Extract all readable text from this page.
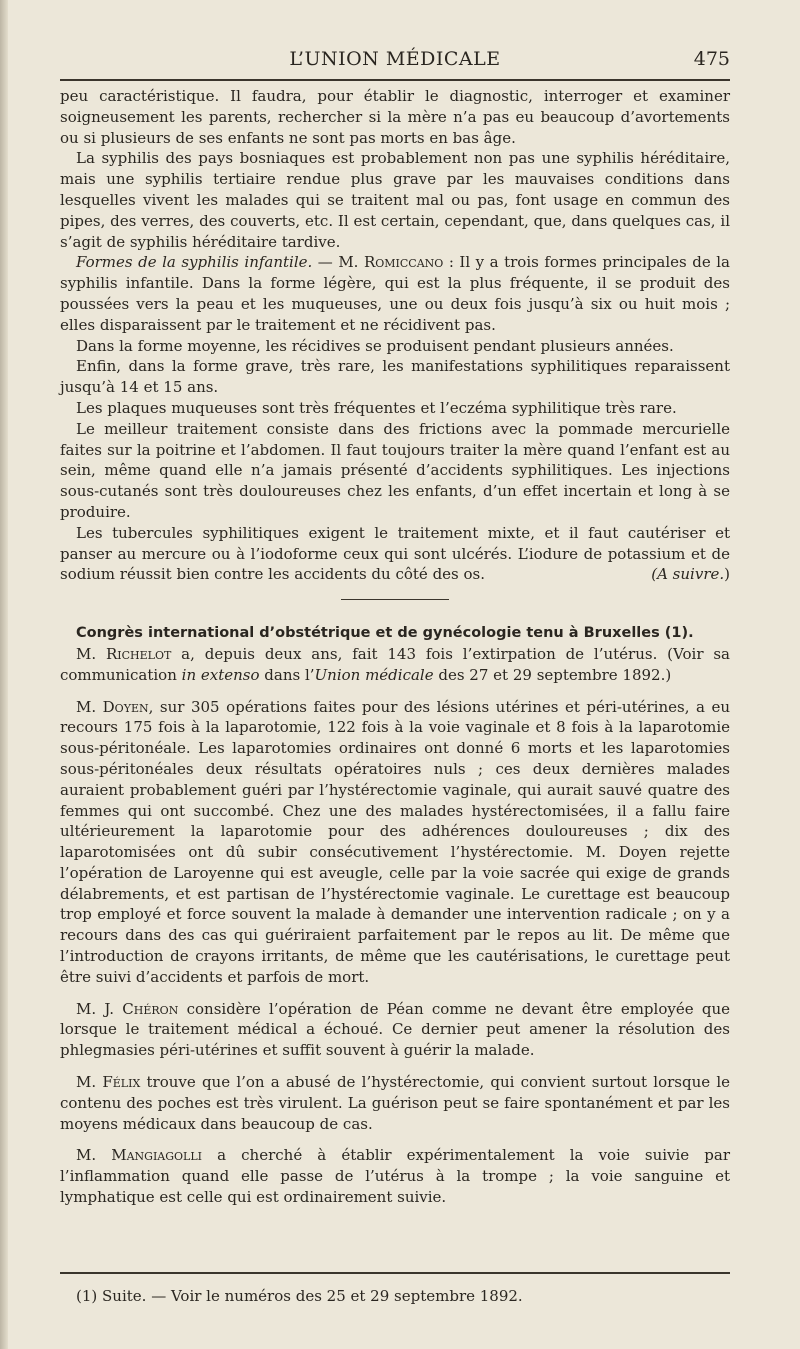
L’UNION MÉDICALE	475

peu caractéristique. Il faudra, pour établir le diagnostic, interroger et examiner soigneusement les parents, rechercher si la mère n’a pas eu beaucoup d’avortements ou si plusieurs de ses enfants ne sont pas morts en bas âge.

La syphilis des pays bosniaques est probablement non pas une syphilis héréditaire, mais une syphilis tertiaire rendue plus grave par les mauvaises conditions dans lesquelles vivent les malades qui se traitent mal ou pas, font usage en commun des pipes, des verres, des couverts, etc. Il est certain, cependant, que, dans quelques cas, il s’agit de syphilis héréditaire tardive.

Formes de la syphilis infantile. — M. Romiccano : Il y a trois formes principales de la syphilis infantile. Dans la forme légère, qui est la plus fréquente, il se produit des poussées vers la peau et les muqueuses, une ou deux fois jusqu’à six ou huit mois ; elles disparaissent par le traitement et ne récidivent pas.

Dans la forme moyenne, les récidives se produisent pendant plusieurs années.

Enfin, dans la forme grave, très rare, les manifestations syphilitiques reparaissent jusqu’à 14 et 15 ans.

Les plaques muqueuses sont très fréquentes et l’eczéma syphilitique très rare.

Le meilleur traitement consiste dans des frictions avec la pommade mercurielle faites sur la poitrine et l’abdomen. Il faut toujours traiter la mère quand l’enfant est au sein, même quand elle n’a jamais présenté d’accidents syphilitiques. Les injections sous-cutanés sont très douloureuses chez les enfants, d’un effet incertain et long à se produire.

Les tubercules syphilitiques exigent le traitement mixte, et il faut cautériser et panser au mercure ou à l’iodoforme ceux qui sont ulcérés. L’iodure de potassium et de sodium réussit bien contre les accidents du côté des os.	(A suivre.)

Congrès international d’obstétrique et de gynécologie tenu à Bruxelles (1).

M. Richelot a, depuis deux ans, fait 143 fois l’extirpation de l’utérus. (Voir sa communication in extenso dans l’Union médicale des 27 et 29 septembre 1892.)

M. Doyen, sur 305 opérations faites pour des lésions utérines et péri-utérines, a eu recours 175 fois à la laparotomie, 122 fois à la voie vaginale et 8 fois à la laparotomie sous-péritonéale. Les laparotomies ordinaires ont donné 6 morts et les laparotomies sous-péritonéales deux résultats opératoires nuls ; ces deux dernières malades auraient probablement guéri par l’hystérectomie vaginale, qui aurait sauvé quatre des femmes qui ont succombé. Chez une des malades hystérectomisées, il a fallu faire ultérieurement la laparotomie pour des adhérences douloureuses ; dix des laparotomisées ont dû subir consécutivement l’hystérectomie. M. Doyen rejette l’opération de Laroyenne qui est aveugle, celle par la voie sacrée qui exige de grands délabrements, et est partisan de l’hystérectomie vaginale. Le curettage est beaucoup trop employé et force souvent la malade à demander une intervention radicale ; on y a recours dans des cas qui guériraient parfaitement par le repos au lit. De même que l’introduction de crayons irritants, de même que les cautérisations, le curettage peut être suivi d’accidents et parfois de mort.

M. J. Chéron considère l’opération de Péan comme ne devant être employée que lorsque le traitement médical a échoué. Ce dernier peut amener la résolution des phlegmasies péri-utérines et suffit souvent à guérir la malade.

M. Félix trouve que l’on a abusé de l’hystérectomie, qui convient surtout lorsque le contenu des poches est très virulent. La guérison peut se faire spontanément et par les moyens médicaux dans beaucoup de cas.

M. Mangiagolli a cherché à établir expérimentalement la voie suivie par l’inflammation quand elle passe de l’utérus à la trompe ; la voie sanguine et lymphatique est celle qui est ordinairement suivie.

(1) Suite. — Voir le numéros des 25 et 29 septembre 1892.
